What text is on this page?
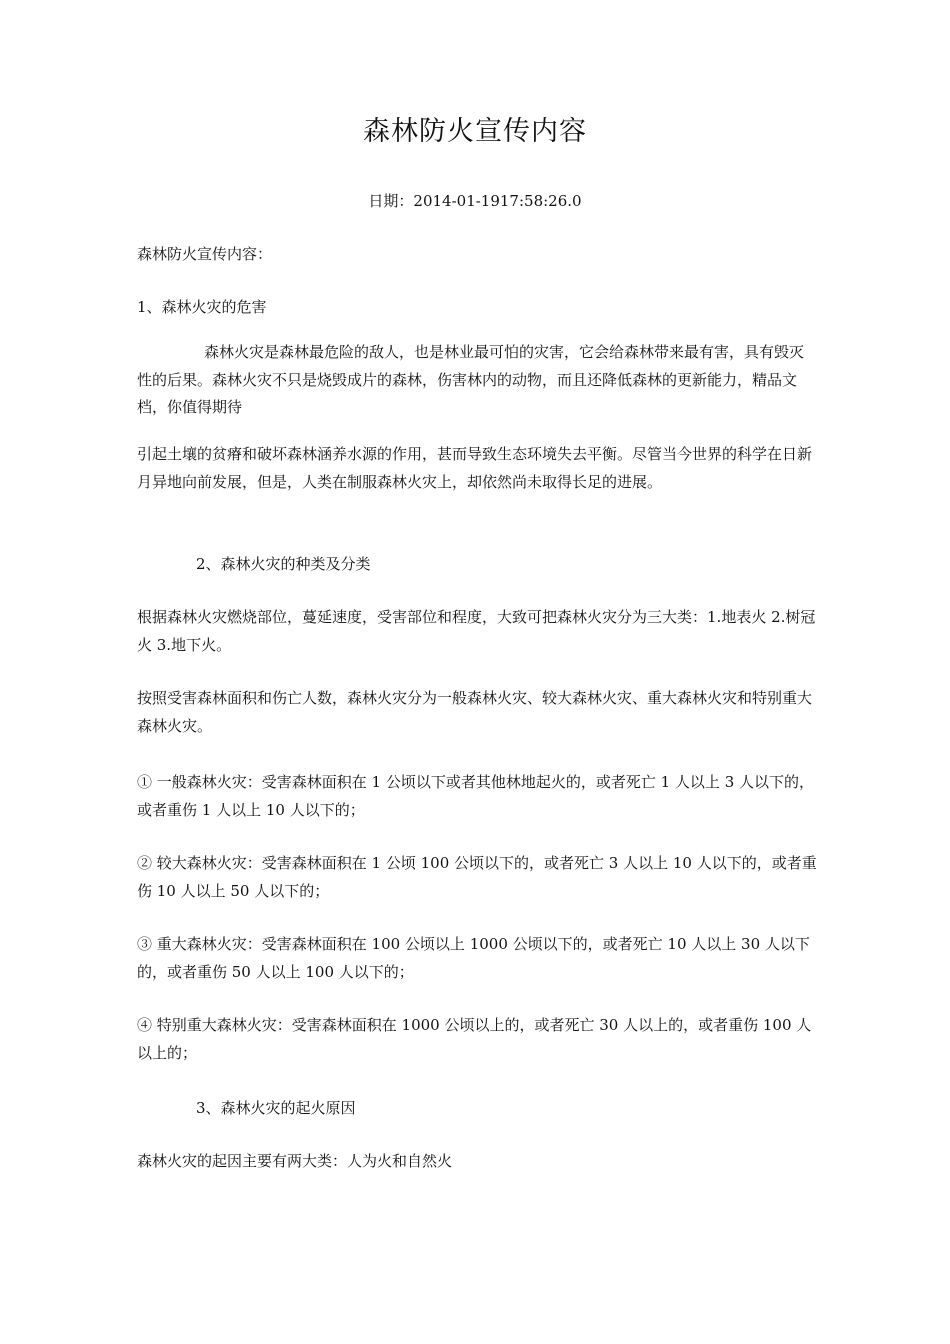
森林防火宣传内容
日期：2014-01-1917:58:26.0

森林防火宣传内容：

1、森林火灾的危害

森林火灾是森林最危险的敌人，也是林业最可怕的灾害，它会给森林带来最有害，具有毁灭性的后果。森林火灾不只是烧毁成片的森林，伤害林内的动物，而且还降低森林的更新能力，精品文档，你值得期待

引起土壤的贫瘠和破坏森林涵养水源的作用，甚而导致生态环境失去平衡。尽管当今世界的科学在日新月异地向前发展，但是，人类在制服森林火灾上，却依然尚未取得长足的进展。

2、森林火灾的种类及分类

根据森林火灾燃烧部位，蔓延速度，受害部位和程度，大致可把森林火灾分为三大类：1.地表火 2.树冠火 3.地下火。

按照受害森林面积和伤亡人数，森林火灾分为一般森林火灾、较大森林火灾、重大森林火灾和特别重大森林火灾。

① 一般森林火灾：受害森林面积在 1 公顷以下或者其他林地起火的，或者死亡 1 人以上 3 人以下的，或者重伤 1 人以上 10 人以下的；

② 较大森林火灾：受害森林面积在 1 公顷 100 公顷以下的，或者死亡 3 人以上 10 人以下的，或者重伤 10 人以上 50 人以下的；

③ 重大森林火灾：受害森林面积在 100 公顷以上 1000 公顷以下的，或者死亡 10 人以上 30 人以下的，或者重伤 50 人以上 100 人以下的；

④ 特别重大森林火灾：受害森林面积在 1000 公顷以上的，或者死亡 30 人以上的，或者重伤 100 人以上的；

3、森林火灾的起火原因

森林火灾的起因主要有两大类：人为火和自然火
